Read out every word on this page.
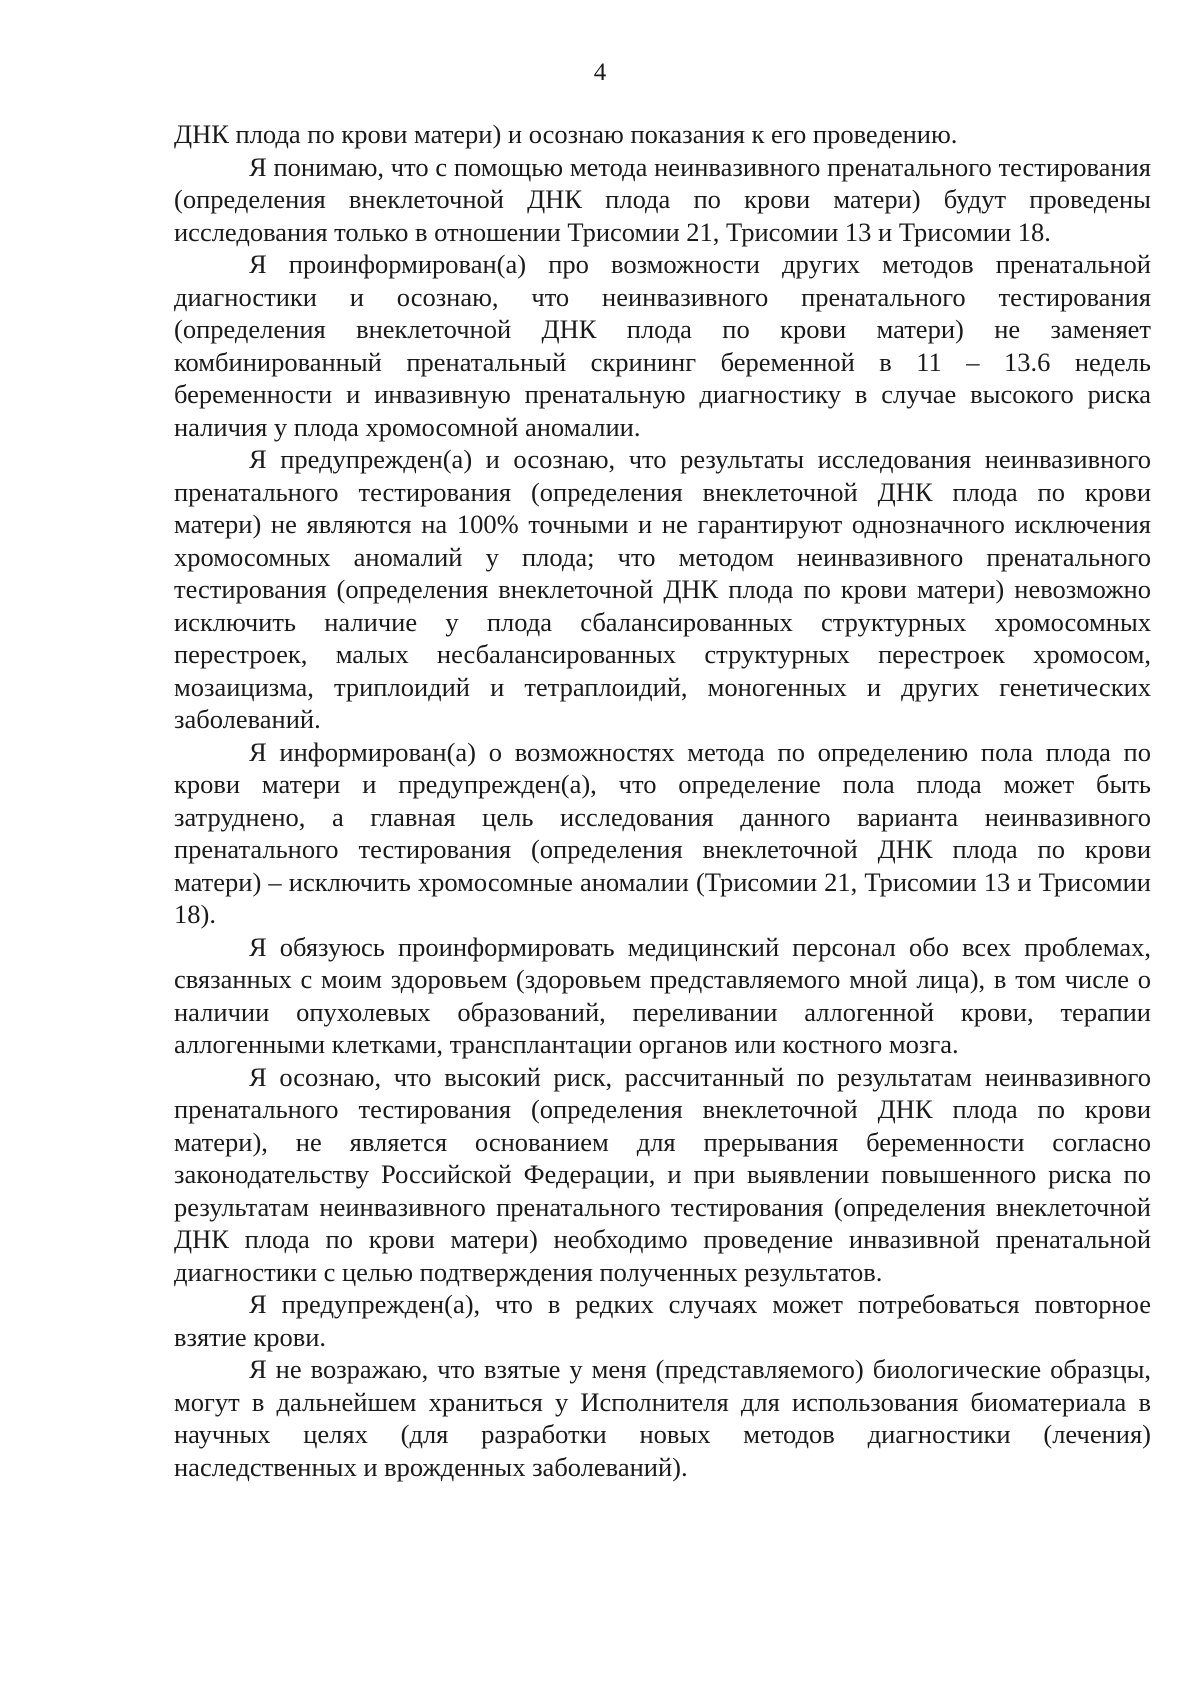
4

ДНК плода по крови матери) и осознаю показания к его проведению.

Я понимаю, что с помощью метода неинвазивного пренатального тестирования (определения внеклеточной ДНК плода по крови матери) будут проведены исследования только в отношении Трисомии 21, Трисомии 13 и Трисомии 18.

Я проинформирован(а) про возможности других методов пренатальной диагностики и осознаю, что неинвазивного пренатального тестирования (определения внеклеточной ДНК плода по крови матери) не заменяет комбинированный пренатальный скрининг беременной в 11 – 13.6 недель беременности и инвазивную пренатальную диагностику в случае высокого риска наличия у плода хромосомной аномалии.

Я предупрежден(а) и осознаю, что результаты исследования неинвазивного пренатального тестирования (определения внеклеточной ДНК плода по крови матери) не являются на 100% точными и не гарантируют однозначного исключения хромосомных аномалий у плода; что методом неинвазивного пренатального тестирования (определения внеклеточной ДНК плода по крови матери) невозможно исключить наличие у плода сбалансированных структурных хромосомных перестроек, малых несбалансированных структурных перестроек хромосом, мозаицизма, триплоидий и тетраплоидий, моногенных и других генетических заболеваний.

Я информирован(а) о возможностях метода по определению пола плода по крови матери и предупрежден(а), что определение пола плода может быть затруднено, а главная цель исследования данного варианта неинвазивного пренатального тестирования (определения внеклеточной ДНК плода по крови матери) – исключить хромосомные аномалии (Трисомии 21, Трисомии 13 и Трисомии 18).

Я обязуюсь проинформировать медицинский персонал обо всех проблемах, связанных с моим здоровьем (здоровьем представляемого мной лица), в том числе о наличии опухолевых образований, переливании аллогенной крови, терапии аллогенными клетками, трансплантации органов или костного мозга.

Я осознаю, что высокий риск, рассчитанный по результатам неинвазивного пренатального тестирования (определения внеклеточной ДНК плода по крови матери), не является основанием для прерывания беременности согласно законодательству Российской Федерации, и при выявлении повышенного риска по результатам неинвазивного пренатального тестирования (определения внеклеточной ДНК плода по крови матери) необходимо проведение инвазивной пренатальной диагностики с целью подтверждения полученных результатов.

Я предупрежден(а), что в редких случаях может потребоваться повторное взятие крови.

Я не возражаю, что взятые у меня (представляемого) биологические образцы, могут в дальнейшем храниться у Исполнителя для использования биоматериала в научных целях (для разработки новых методов диагностики (лечения) наследственных и врожденных заболеваний).
